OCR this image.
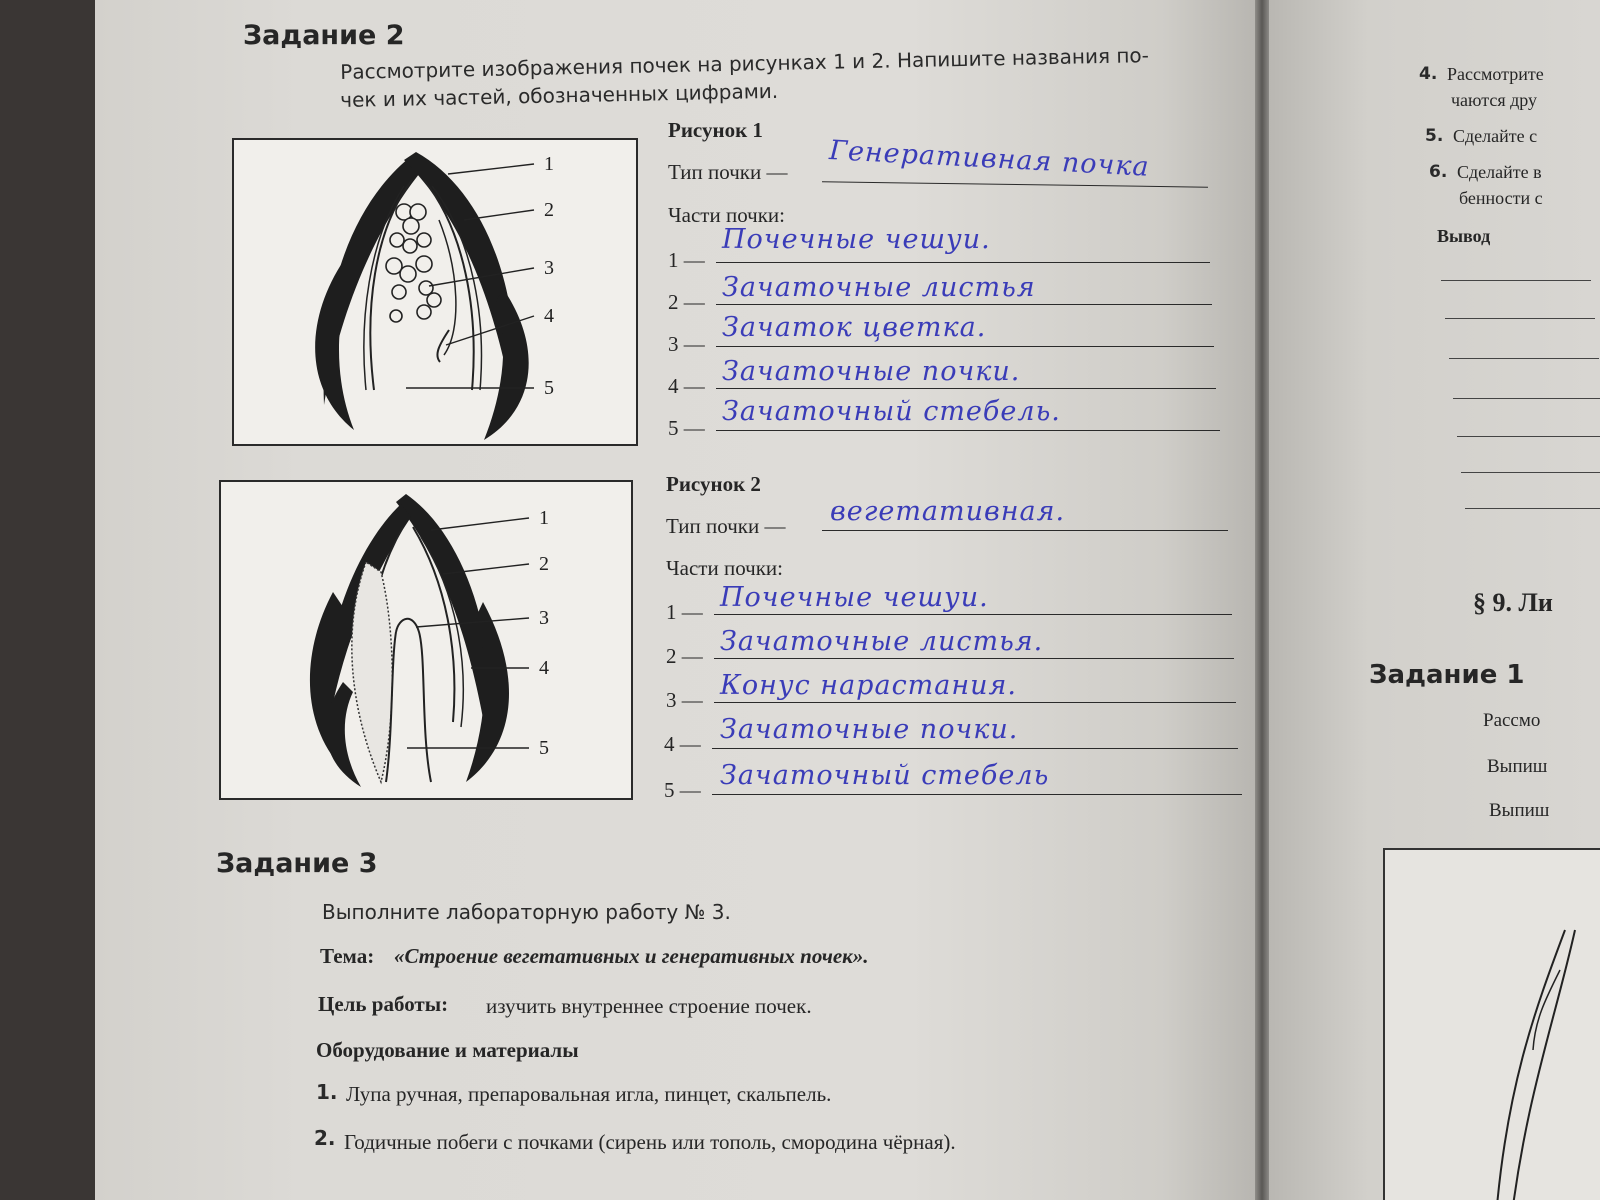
Задание 2
Рассмотрите изображения почек на рисунках 1 и 2. Напишите названия по-
чек и их частей, обозначенных цифрами.
1
2
3
4
5
Рисунок 1
Тип почки — Генеративная почка
Части почки:
1 —
Почечные чешуи.
2 — Зачаточные листья
3 —
Зачаток цветка.
4 — Зачаточные почки.
5 —
Зачаточный стебель.
1
2
3
4
5
Рисунок 2
Тип почки — вегетативная.
Части почки:
1 — Почечные чешуи.
2 — Зачаточные листья.
3 — Конус нарастания.
4 — Зачаточные почки.
5 — Зачаточный стебель
Задание 3
Выполните лабораторную работу № 3.
Тема: «Строение вегетативных и генеративных почек».
Цель работы: изучить внутреннее строение почек.
Оборудование и материалы
1. Лупа ручная, препаровальная игла, пинцет, скальпель.
2. Годичные побеги с почками (сирень или тополь, смородина чёрная).
4. Рассмотрите
чаются дру
5. Сделайте с
6. Сделайте в
бенности с
Вывод
§ 9. Ли
Задание 1
Рассмо
Выпиш
Выпиш
